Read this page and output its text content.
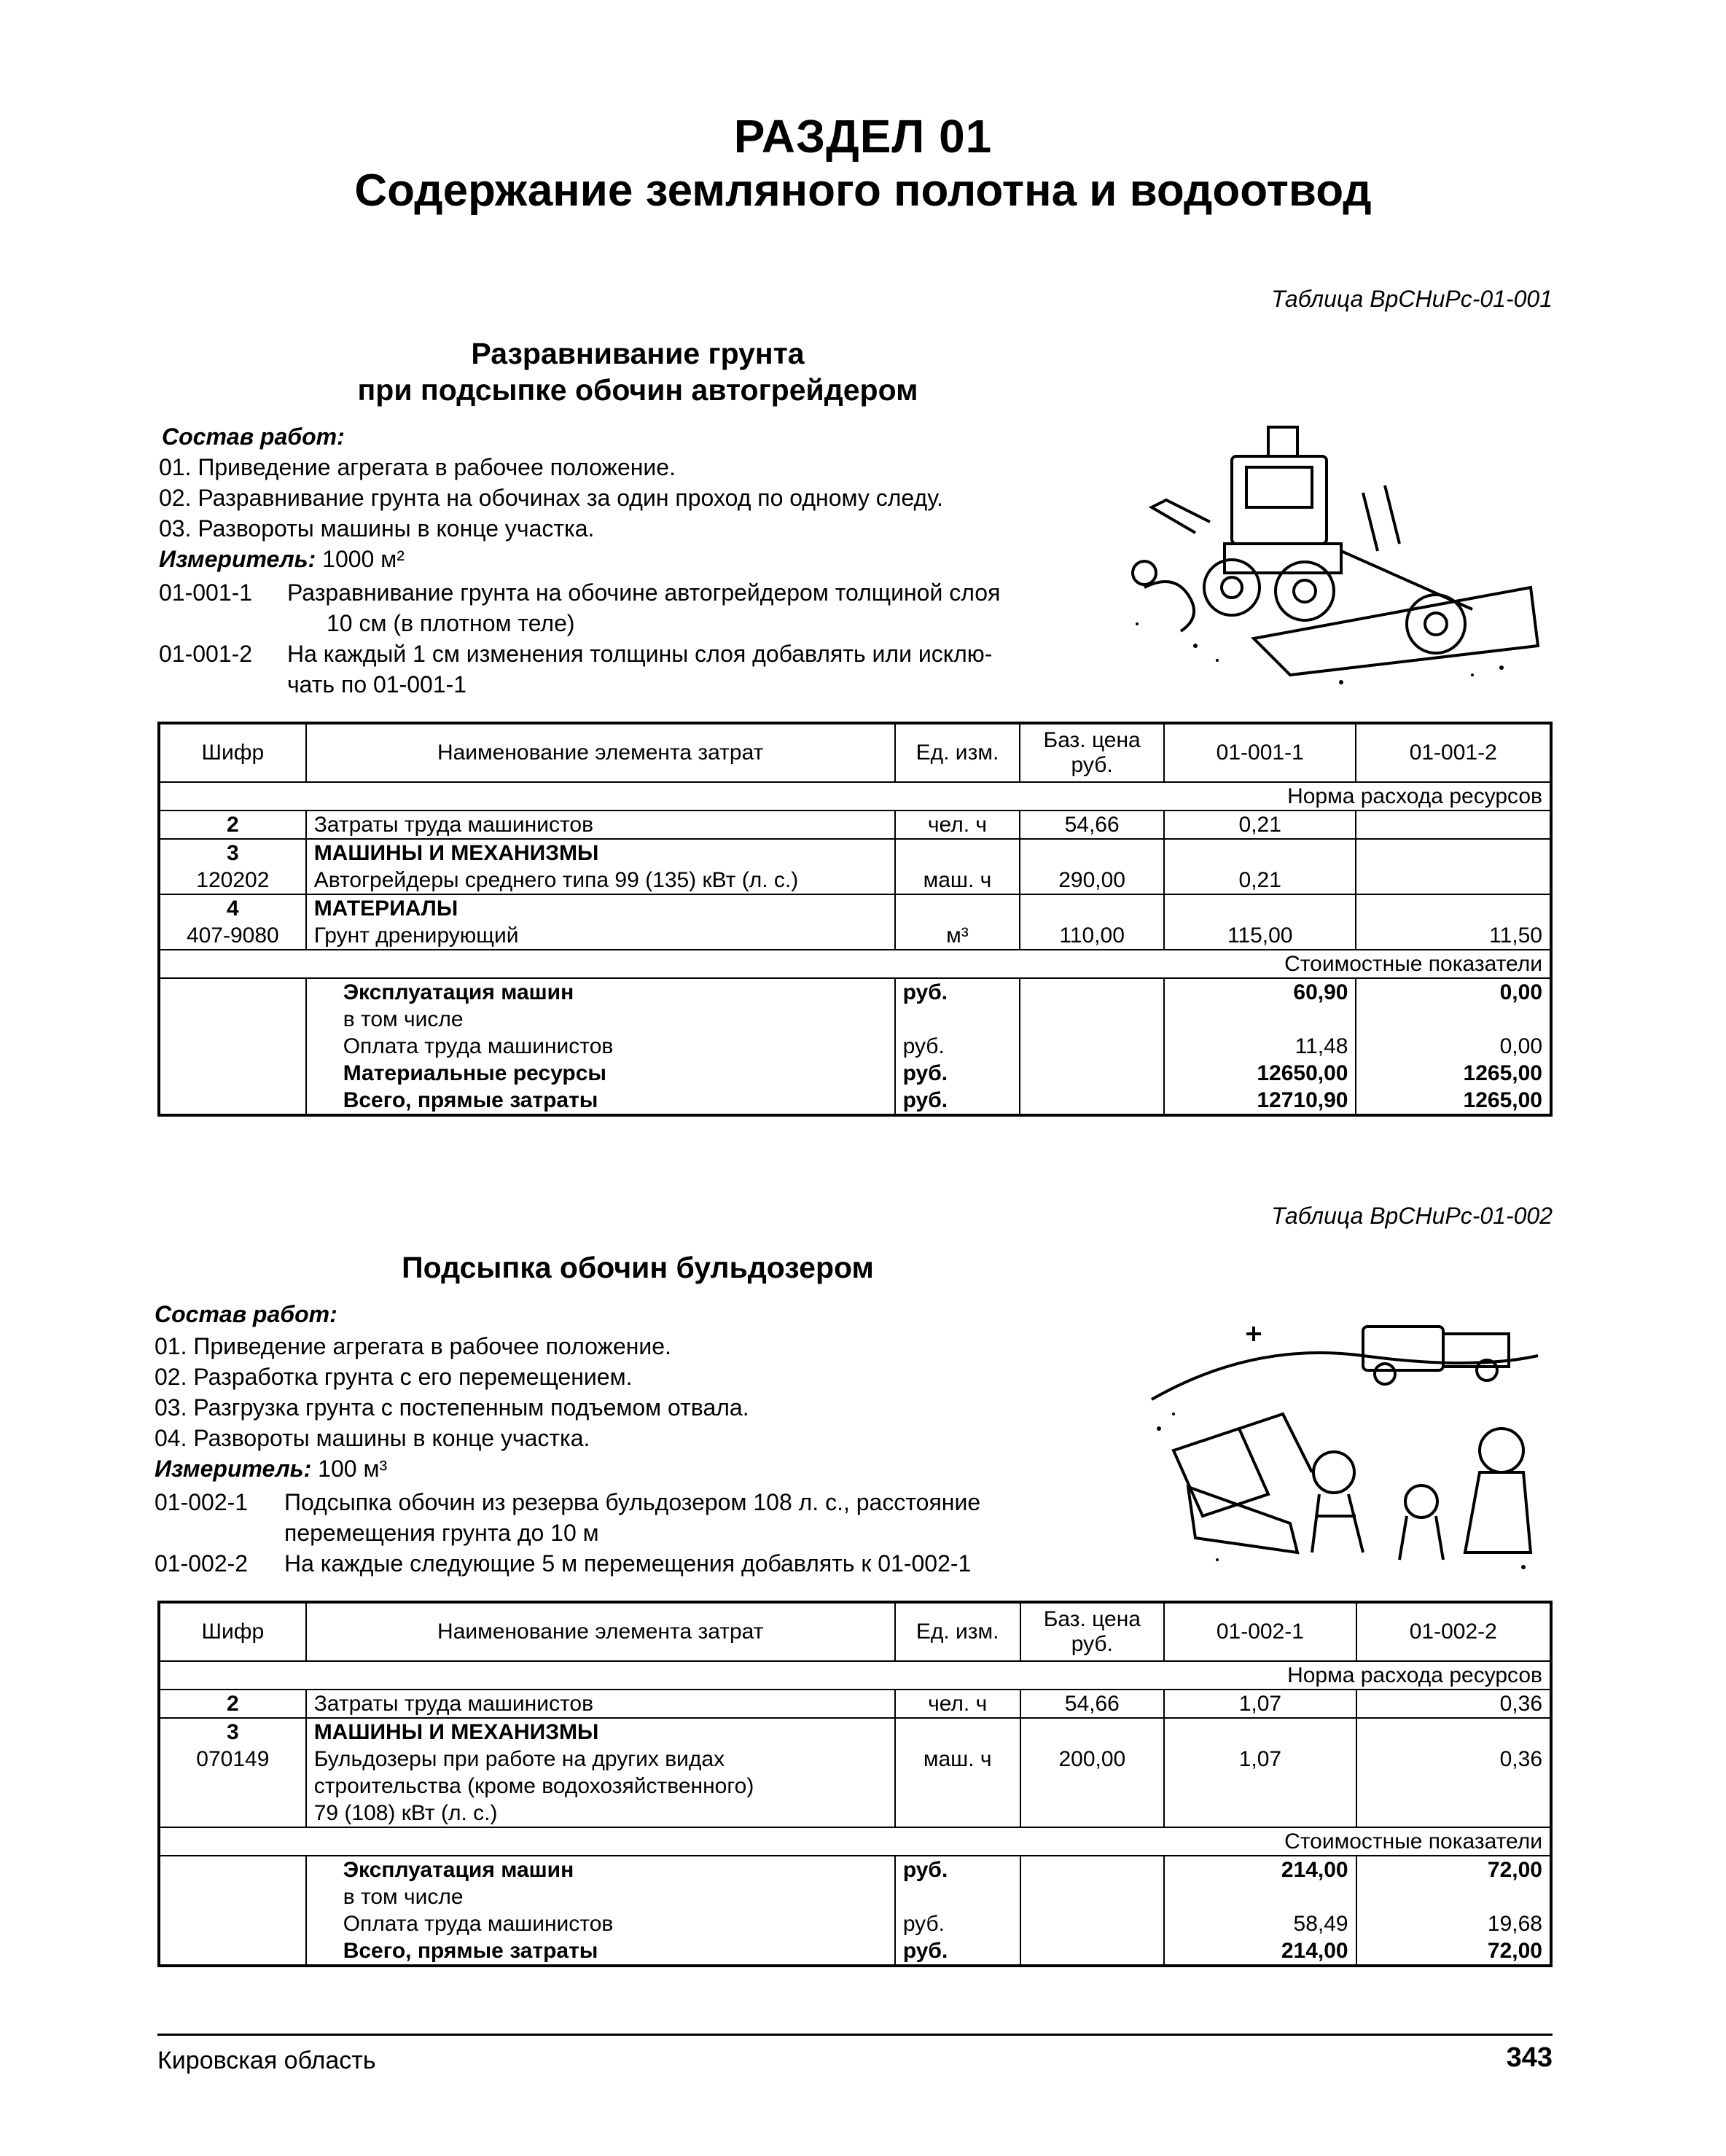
РАЗДЕЛ 01
Содержание земляного полотна и водоотвод
Таблица ВрСНиРс-01-001
Разравнивание грунта
при подсыпке обочин автогрейдером
Состав работ:
01. Приведение агрегата в рабочее положение.
02. Разравнивание грунта на обочинах за один проход по одному следу.
03. Развороты машины в конце участка.
Измеритель: 1000 м²
01-001-1	Разравнивание грунта на обочине автогрейдером толщиной слоя
10 см (в плотном теле)
01-001-2	На каждый 1 см изменения толщины слоя добавлять или исклю-
чать по 01-001-1
Шифр	Наименование элемента затрат	Ед. изм.	Баз. цена
руб.	01-001-1	01-001-2
Норма расхода ресурсов					
2	Затраты труда машинистов	чел. ч	54,66	0,21	
3	МАШИНЫ И МЕХАНИЗМЫ				
120202	Автогрейдеры среднего типа 99 (135) кВт (л. с.)	маш. ч	290,00	0,21	
4	МАТЕРИАЛЫ				
407-9080	Грунт дренирующий	м³	110,00	115,00	11,50
Стоимостные показатели					
	Эксплуатация машин	руб.		60,90	0,00
	в том числе				
	Оплата труда машинистов	руб.		11,48	0,00
	Материальные ресурсы	руб.		12650,00	1265,00
	Всего, прямые затраты	руб.		12710,90	1265,00
Таблица ВрСНиРс-01-002
Подсыпка обочин бульдозером
Состав работ:
01. Приведение агрегата в рабочее положение.
02. Разработка грунта с его перемещением.
03. Разгрузка грунта с постепенным подъемом отвала.
04. Развороты машины в конце участка.
Измеритель: 100 м³
01-002-1	Подсыпка обочин из резерва бульдозером 108 л. с., расстояние
перемещения грунта до 10 м
01-002-2	На каждые следующие 5 м перемещения добавлять к 01-002-1
Шифр	Наименование элемента затрат	Ед. изм.	Баз. цена
руб.	01-002-1	01-002-2
Норма расхода ресурсов					
2	Затраты труда машинистов	чел. ч	54,66	1,07	0,36
3	МАШИНЫ И МЕХАНИЗМЫ				
070149	Бульдозеры при работе на других видах
строительства (кроме водохозяйственного)
79 (108) кВт (л. с.)	маш. ч	200,00	1,07	0,36
Стоимостные показатели					
	Эксплуатация машин	руб.		214,00	72,00
	в том числе				
	Оплата труда машинистов	руб.		58,49	19,68
	Всего, прямые затраты	руб.		214,00	72,00
Кировская область	343
